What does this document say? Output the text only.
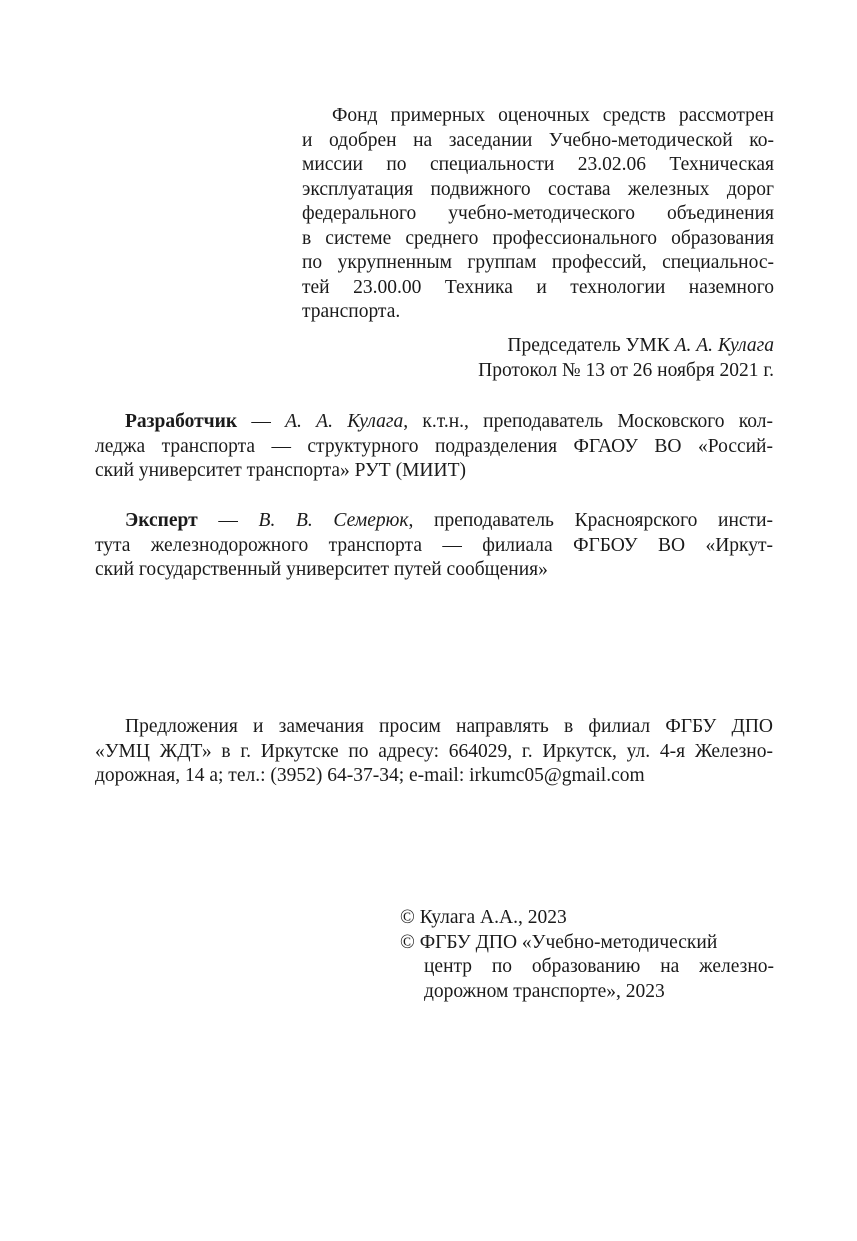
Фонд примерных оценочных средств рассмотрен
и одобрен на заседании Учебно-методической ко-
миссии по специальности 23.02.06 Техническая
эксплуатация подвижного состава железных дорог
федерального учебно-методического объединения
в системе среднего профессионального образования
по укрупненным группам профессий, специальнос-
тей 23.00.00 Техника и технологии наземного
транспорта.
Председатель УМК А. А. Кулага
Протокол № 13 от 26 ноября 2021 г.
Разработчик — А. А. Кулага, к.т.н., преподаватель Московского кол-
леджа транспорта — структурного подразделения ФГАОУ ВО «Россий-
ский университет транспорта» РУТ (МИИТ)
Эксперт — В. В. Семерюк, преподаватель Красноярского инсти-
тута железнодорожного транспорта — филиала ФГБОУ ВО «Иркут-
ский государственный университет путей сообщения»
Предложения и замечания просим направлять в филиал ФГБУ ДПО
«УМЦ ЖДТ» в г. Иркутске по адресу: 664029, г. Иркутск, ул. 4-я Железно-
дорожная, 14 а; тел.: (3952) 64-37-34; e-mail: irkumc05@gmail.com
© Кулага А.А., 2023
© ФГБУ ДПО «Учебно-методический
центр по образованию на железно-
дорожном транспорте», 2023
